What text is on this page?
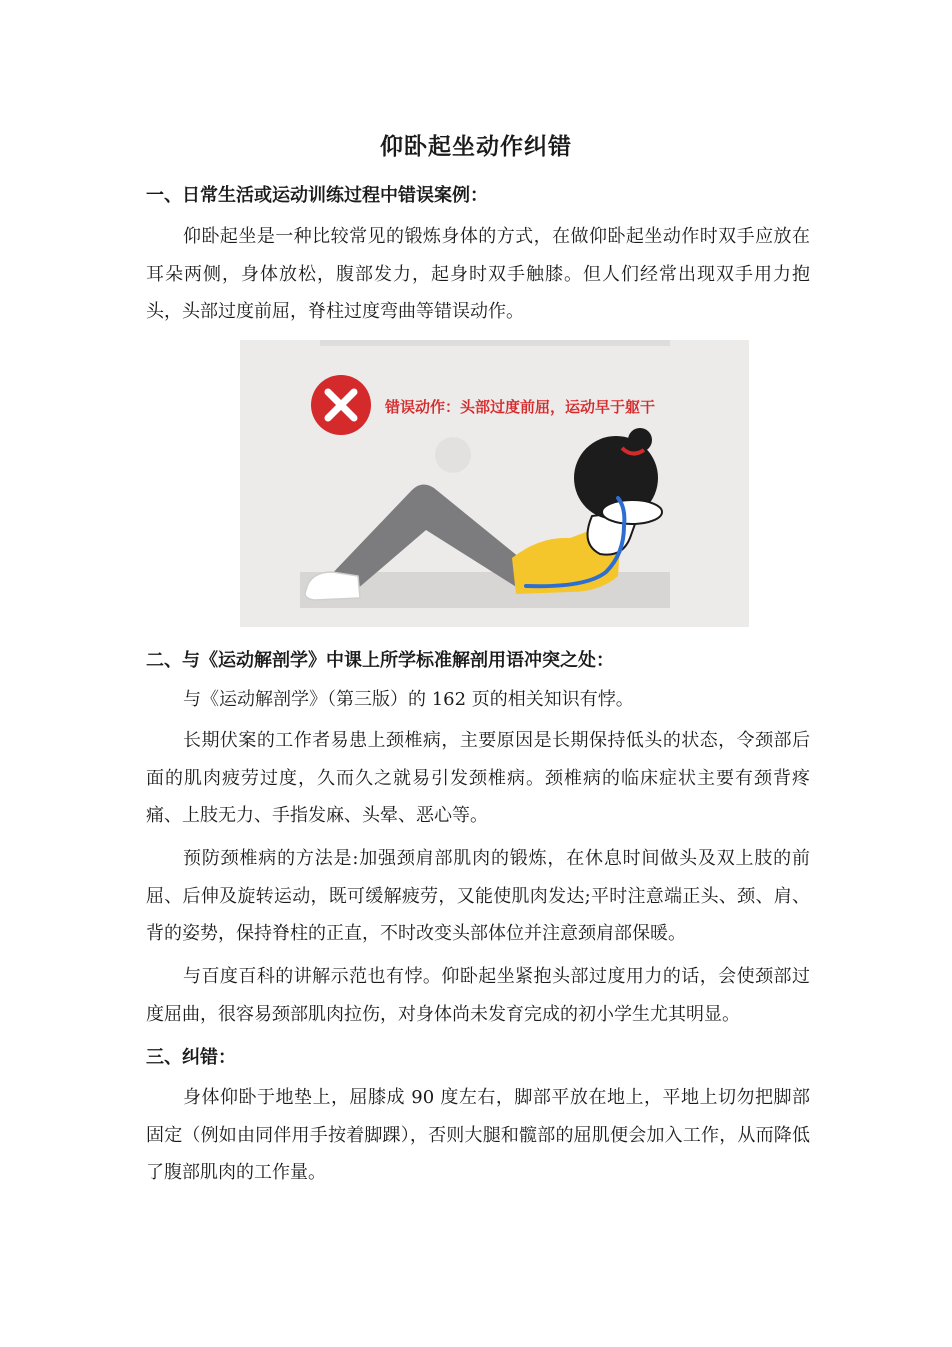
仰卧起坐动作纠错
一、日常生活或运动训练过程中错误案例：

仰卧起坐是一种比较常见的锻炼身体的方式，在做仰卧起坐动作时双手应放在耳朵两侧，身体放松，腹部发力，起身时双手触膝。但人们经常出现双手用力抱头，头部过度前屈，脊柱过度弯曲等错误动作。

错误动作：头部过度前屈，运动早于躯干
二、与《运动解剖学》中课上所学标准解剖用语冲突之处：

与《运动解剖学》（第三版）的 162 页的相关知识有悖。

长期伏案的工作者易患上颈椎病，主要原因是长期保持低头的状态，令颈部后面的肌肉疲劳过度，久而久之就易引发颈椎病。颈椎病的临床症状主要有颈背疼痛、上肢无力、手指发麻、头晕、恶心等。

预防颈椎病的方法是:加强颈肩部肌肉的锻炼，在休息时间做头及双上肢的前屈、后伸及旋转运动，既可缓解疲劳，又能使肌肉发达;平时注意端正头、颈、肩、背的姿势，保持脊柱的正直，不时改变头部体位并注意颈肩部保暖。

与百度百科的讲解示范也有悖。仰卧起坐紧抱头部过度用力的话，会使颈部过度屈曲，很容易颈部肌肉拉伤，对身体尚未发育完成的初小学生尤其明显。

三、纠错：

身体仰卧于地垫上，屈膝成 90 度左右，脚部平放在地上，平地上切勿把脚部固定（例如由同伴用手按着脚踝），否则大腿和髋部的屈肌便会加入工作，从而降低了腹部肌肉的工作量。
